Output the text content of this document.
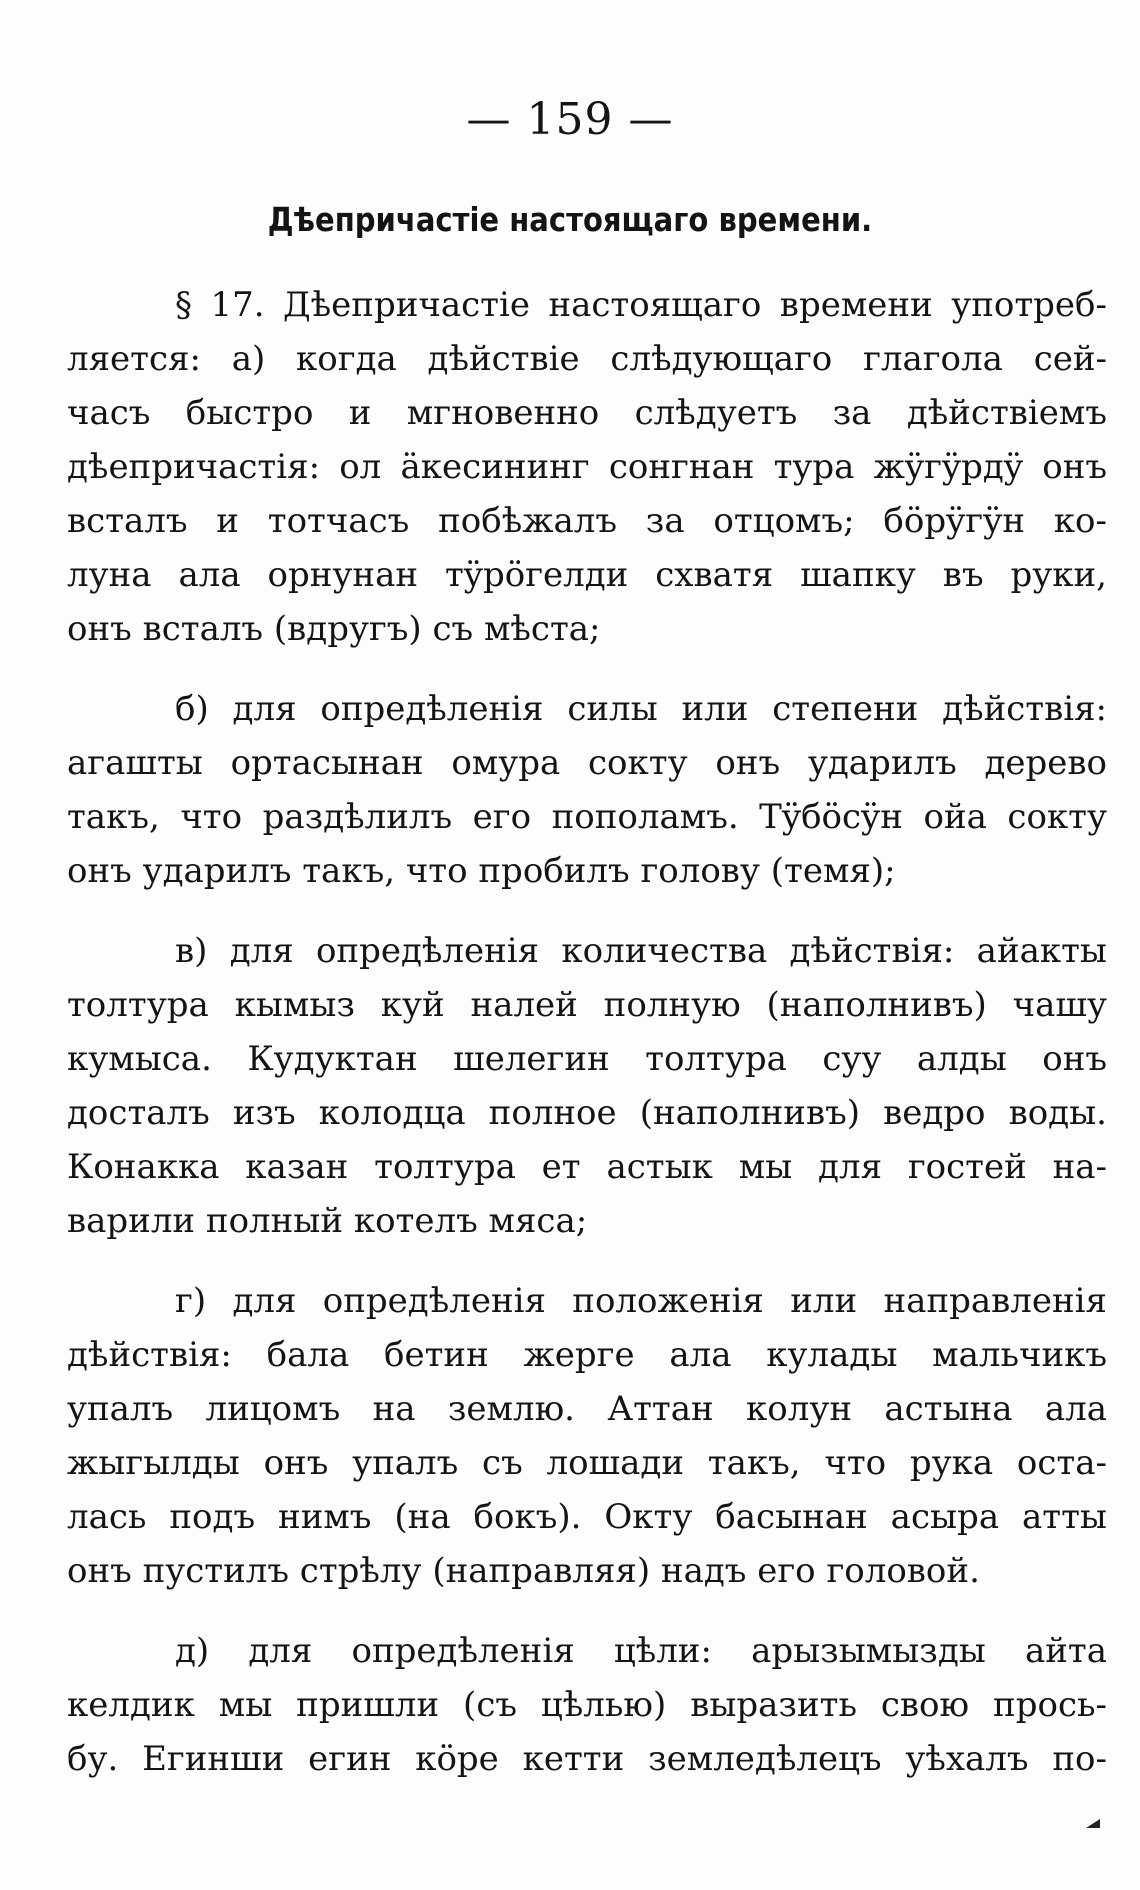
— 159 —
Дѣепричастіе настоящаго времени.
§ 17. Дѣепричастіе настоящаго времени употреб-
ляется: а) когда дѣйствіе слѣдующаго глагола сей-
часъ быстро и мгновенно слѣдуетъ за дѣйствіемъ
дѣепричастія: ол äкесининг сонгнан тура жÿгÿрдÿ онъ
всталъ и тотчасъ побѣжалъ за отцомъ; бöрÿгÿн ко-
луна ала орнунан тÿрöгелди схватя шапку въ руки,
онъ всталъ (вдругъ) съ мѣста;
б) для опредѣленія силы или степени дѣйствія:
агашты ортасынан омура сокту онъ ударилъ дерево
такъ, что раздѣлилъ его пополамъ. Тÿбöсÿн ойа сокту
онъ ударилъ такъ, что пробилъ голову (темя);
в) для опредѣленія количества дѣйствія: айакты
толтура кымыз куй налей полную (наполнивъ) чашу
кумыса. Кудуктан шелегин толтура суу алды онъ
досталъ изъ колодца полное (наполнивъ) ведро воды.
Конакка казан толтура ет астык мы для гостей на-
варили полный котелъ мяса;
г) для опредѣленія положенія или направленія
дѣйствія: бала бетин жерге ала кулады мальчикъ
упалъ лицомъ на землю. Аттан колун астына ала
жыгылды онъ упалъ съ лошади такъ, что рука оста-
лась подъ нимъ (на бокъ). Окту басынан асыра атты
онъ пустилъ стрѣлу (направляя) надъ его головой.
д) для опредѣленія цѣли: арызымызды айта
келдик мы пришли (съ цѣлью) выразить свою прось-
бу. Егинши егин кöре кетти земледѣлецъ уѣхалъ по-
